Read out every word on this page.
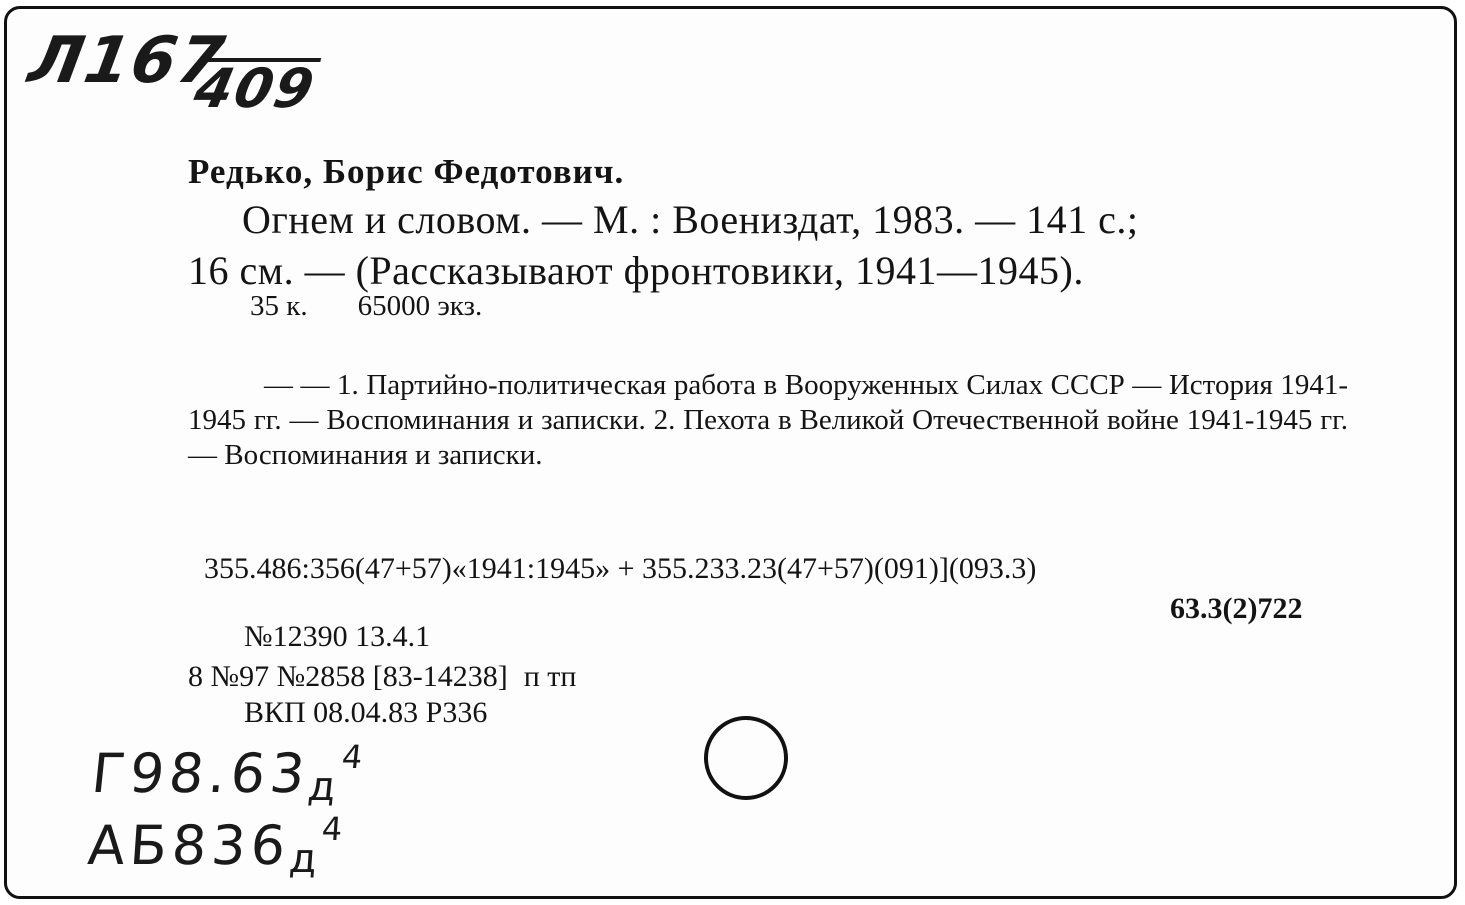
Л167
409
Редько, Борис Федотович.
Огнем и словом. — М. : Воениздат, 1983. — 141 с.;
16 см. — (Рассказывают фронтовики, 1941—1945).
35 к. 65000 экз.
— — 1. Партийно-политическая работа в Вооруженных Силах СССР — История 1941-1945 гг. — Воспоминания и записки. 2. Пехота в Великой Отечественной войне 1941-1945 гг. — Воспоминания и записки.
355.486:356(47+57)«1941:1945» + 355.233.23(47+57)(091)](093.3)
63.3(2)722
№12390 13.4.1
8 №97 №2858 [83-14238] п тп
ВКП 08.04.83 Р336
$Г98.63д^4$
$АБ836д^4$
